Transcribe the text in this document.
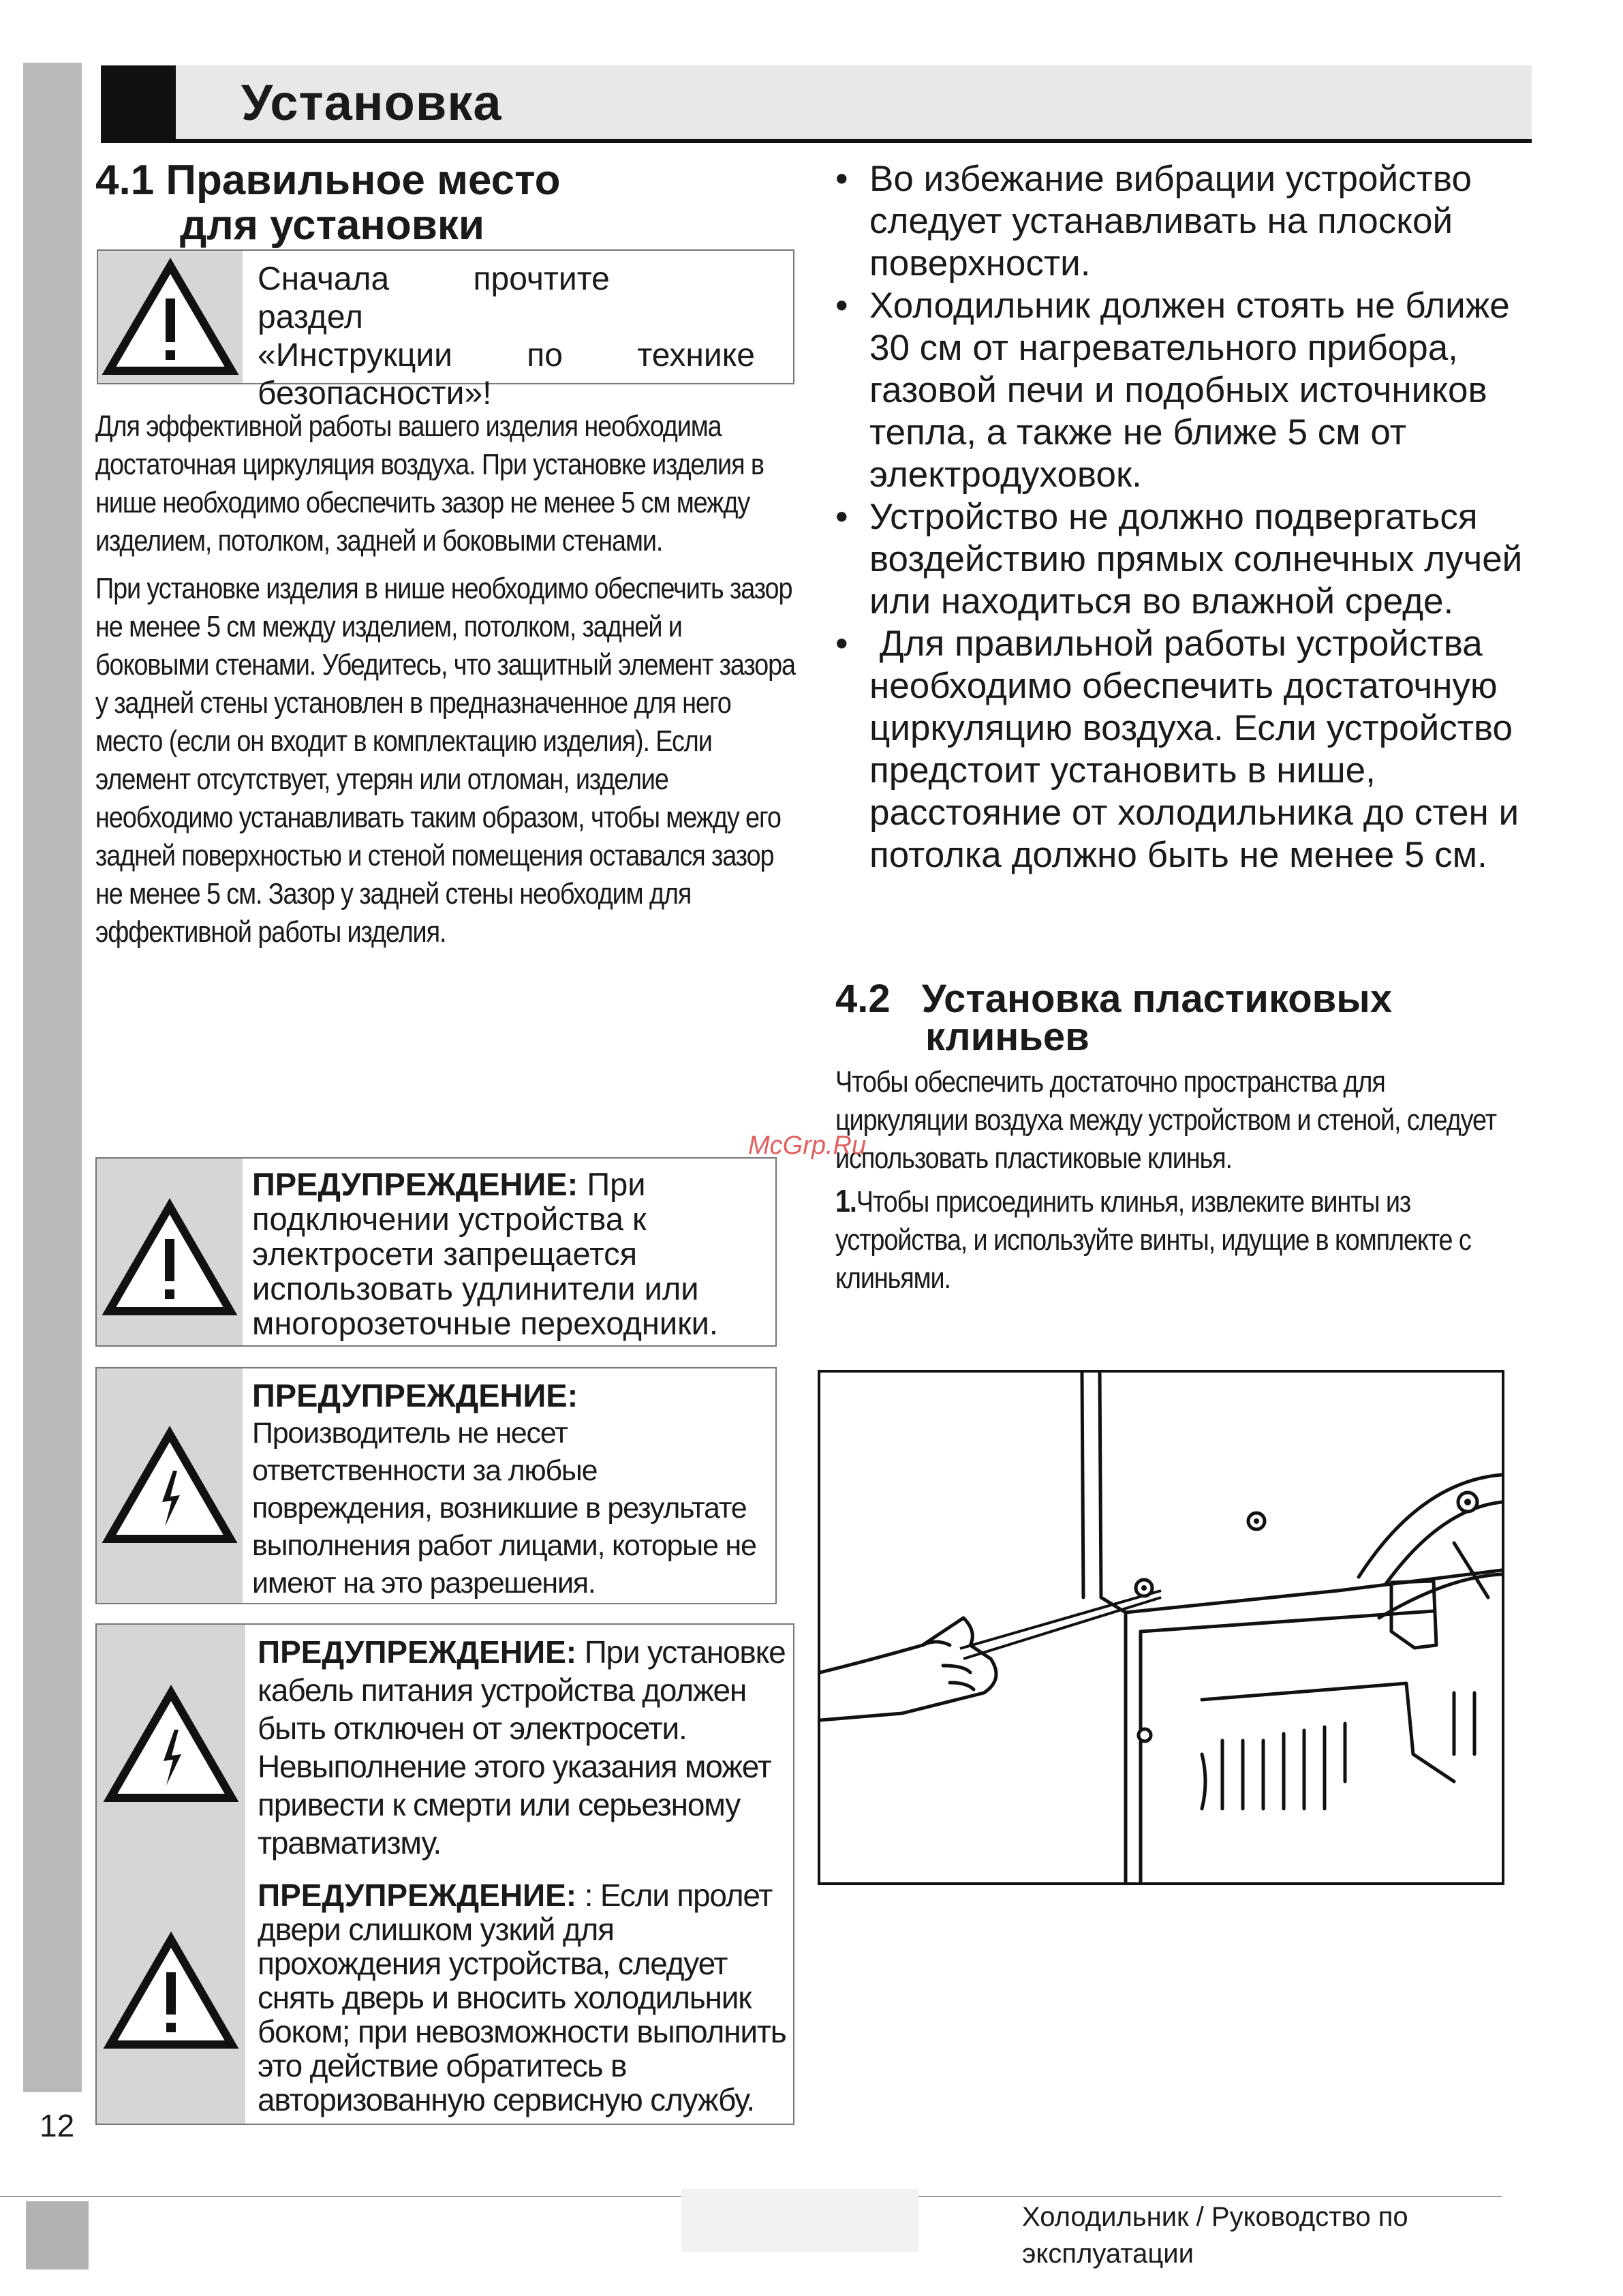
Установка
4.1 Правильное место
для установки
Сначала прочтите раздел
«Инструкции по технике
безопасности»!

Для эффективной работы вашего изделия необходима достаточная циркуляция воздуха. При установке изделия в нише необходимо обеспечить зазор не менее 5 см между изделием, потолком, задней и боковыми стенами.

При установке изделия в нише необходимо обеспечить зазор не менее 5 см между изделием, потолком, задней и боковыми стенами. Убедитесь, что защитный элемент зазора у задней стены установлен в предназначенное для него место (если он входит в комплектацию изделия). Если элемент отсутствует, утерян или отломан, изделие необходимо устанавливать таким образом, чтобы между его задней поверхностью и стеной помещения оставался зазор не менее 5 см. Зазор у задней стены необходим для эффективной работы изделия.

ПРЕДУПРЕЖДЕНИЕ: При подключении устройства к электросети запрещается использовать удлинители или многорозеточные переходники.
ПРЕДУПРЕЖДЕНИЕ:
Производитель не несет ответственности за любые повреждения, возникшие в результате выполнения работ лицами, которые не имеют на это разрешения.
ПРЕДУПРЕЖДЕНИЕ: При установке кабель питания устройства должен быть отключен от электросети. Невыполнение этого указания может привести к смерти или серьезному травматизму.
ПРЕДУПРЕЖДЕНИЕ: : Если пролет двери слишком узкий для прохождения устройства, следует снять дверь и вносить холодильник боком; при невозможности выполнить это действие обратитесь в авторизованную сервисную службу.
• Во избежание вибрации устройство следует устанавливать на плоской поверхности.
• Холодильник должен стоять не ближе 30 см от нагревательного прибора, газовой печи и подобных источников тепла, а также не ближе 5 см от электродуховок.
• Устройство не должно подвергаться воздействию прямых солнечных лучей или находиться во влажной среде.
• Для правильной работы устройства необходимо обеспечить достаточную циркуляцию воздуха. Если устройство предстоит установить в нише, расстояние от холодильника до стен и потолка должно быть не менее 5 см.
4.2 Установка пластиковых
клиньев

Чтобы обеспечить достаточно пространства для циркуляции воздуха между устройством и стеной, следует использовать пластиковые клинья.

1.Чтобы присоединить клинья, извлеките винты из устройства, и используйте винты, идущие в комплекте с клиньями.

McGrp.Ru
12
Холодильник / Руководство по
эксплуатации
